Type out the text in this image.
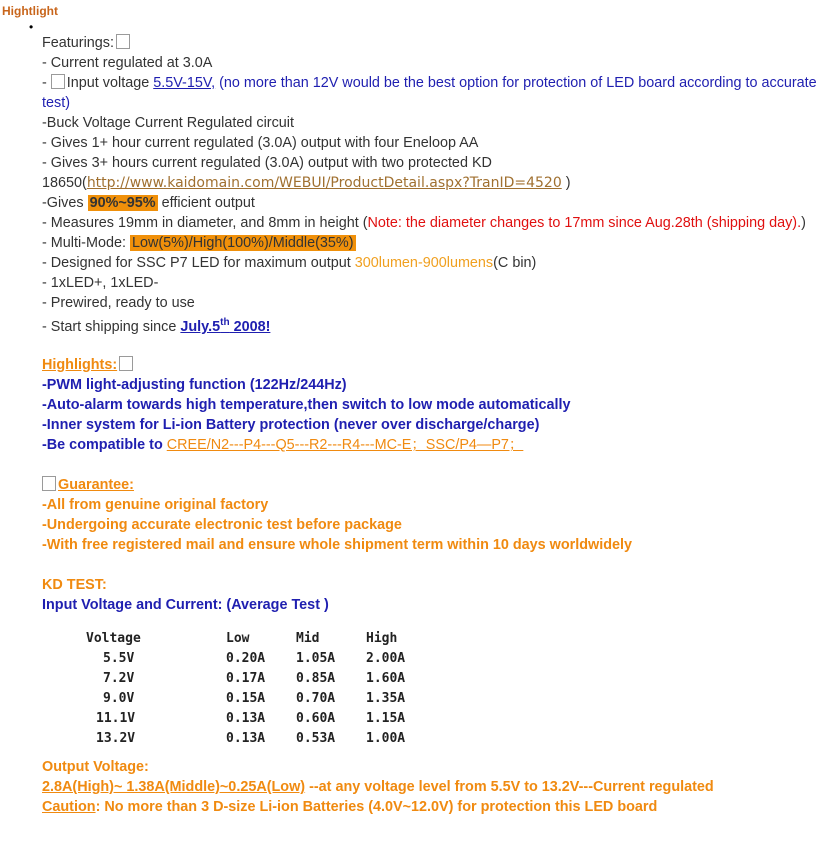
Hightlight
•
Featurings:
- Current regulated at 3.0A
- Input voltage 5.5V-15V, (no more than 12V would be the best option for protection of LED board according to accurate test)
-Buck Voltage Current Regulated circuit
- Gives 1+ hour current regulated (3.0A) output with four Eneloop AA
- Gives 3+ hours current regulated (3.0A) output with two protected KD
18650(http://www.kaidomain.com/WEBUI/ProductDetail.aspx?TranID=4520 )
-Gives 90%~95% efficient output
- Measures 19mm in diameter, and 8mm in height (Note: the diameter changes to 17mm since Aug.28th (shipping day).)
- Multi-Mode: Low(5%)/High(100%)/Middle(35%)
- Designed for SSC P7 LED for maximum output 300lumen-900lumens(C bin)
- 1xLED+, 1xLED-
- Prewired, ready to use
- Start shipping since July.5th 2008!
Highlights:
-PWM light-adjusting function (122Hz/244Hz)
-Auto-alarm towards high temperature,then switch to low mode automatically
-Inner system for Li-ion Battery protection (never over discharge/charge)
-Be compatible to CREE/N2---P4---Q5---R2---R4---MC-E；SSC/P4—P7；
Guarantee:
-All from genuine original factory
-Undergoing accurate electronic test before package
-With free registered mail and ensure whole shipment term within 10 days worldwidely
KD TEST:
Input Voltage and Current: (Average Test )
Voltage	Low	Mid	High
5.5V	0.20A	1.05A	2.00A
7.2V	0.17A	0.85A	1.60A
9.0V	0.15A	0.70A	1.35A
11.1V	0.13A	0.60A	1.15A
13.2V	0.13A	0.53A	1.00A
Output Voltage:
2.8A(High)~ 1.38A(Middle)~0.25A(Low) --at any voltage level from 5.5V to 13.2V---Current regulated
Caution: No more than 3 D-size Li-ion Batteries (4.0V~12.0V) for protection this LED board
